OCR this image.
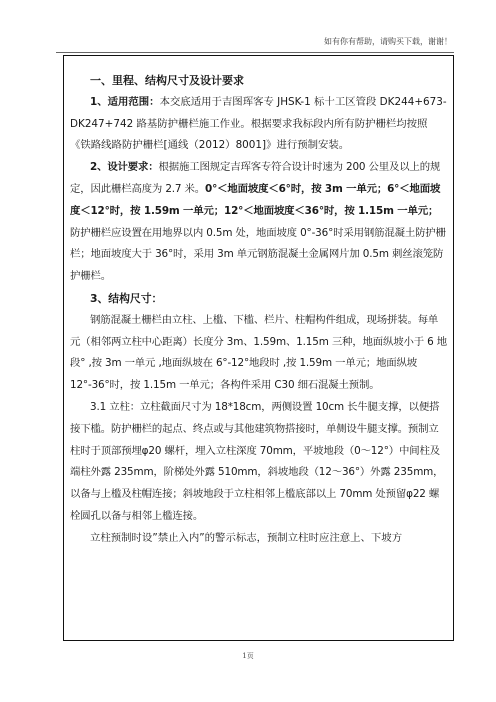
如有你有帮助，请购买下载，谢谢！

一、里程、结构尺寸及设计要求

1、适用范围：本交底适用于吉图珲客专 JHSK-1 标十工区管段 DK244+673- DK247+742 路基防护栅栏施工作业。根据要求我标段内所有防护栅栏均按照《铁路线路防护栅栏[通线（2012）8001]》进行预制安装。

2、设计要求：根据施工图规定吉珲客专符合设计时速为 200 公里及以上的规定，因此栅栏高度为 2.7 米。0°＜地面坡度＜6°时，按 3m 一单元；6°＜地面坡度＜12°时，按 1.59m 一单元；12°＜地面坡度＜36°时，按 1.15m 一单元；防护栅栏应设置在用地界以内 0.5m 处，地面坡度 0°-36°时采用钢筋混凝土防护栅栏；地面坡度大于 36°时，采用 3m 单元钢筋混凝土金属网片加 0.5m 刺丝滚笼防护栅栏。

3、结构尺寸：

钢筋混凝土栅栏由立柱、上槛、下槛、栏片、柱帽构件组成，现场拼装。每单元（相邻两立柱中心距离）长度分 3m、1.59m、1.15m 三种，地面纵坡小于 6 地段° ,按 3m 一单元 ,地面纵坡在 6°-12°地段时 ,按 1.59m 一单元；地面纵坡 12°-36°时，按 1.15m 一单元；各构件采用 C30 细石混凝土预制。

3.1 立柱：立柱截面尺寸为 18*18cm，两侧设置 10cm 长牛腿支撑，以便搭接下槛。防护栅栏的起点、终点或与其他建筑物搭接时，单侧设牛腿支撑。预制立柱时于顶部预埋φ20 螺杆，埋入立柱深度 70mm，平坡地段（0～12°）中间柱及端柱外露 235mm，阶梯处外露 510mm，斜坡地段（12～36°）外露 235mm，以备与上槛及柱帽连接；斜坡地段于立柱相邻上槛底部以上 70mm 处预留φ22 螺栓圆孔以备与相邻上槛连接。

立柱预制时设”禁止入内”的警示标志，预制立柱时应注意上、下坡方

1页
